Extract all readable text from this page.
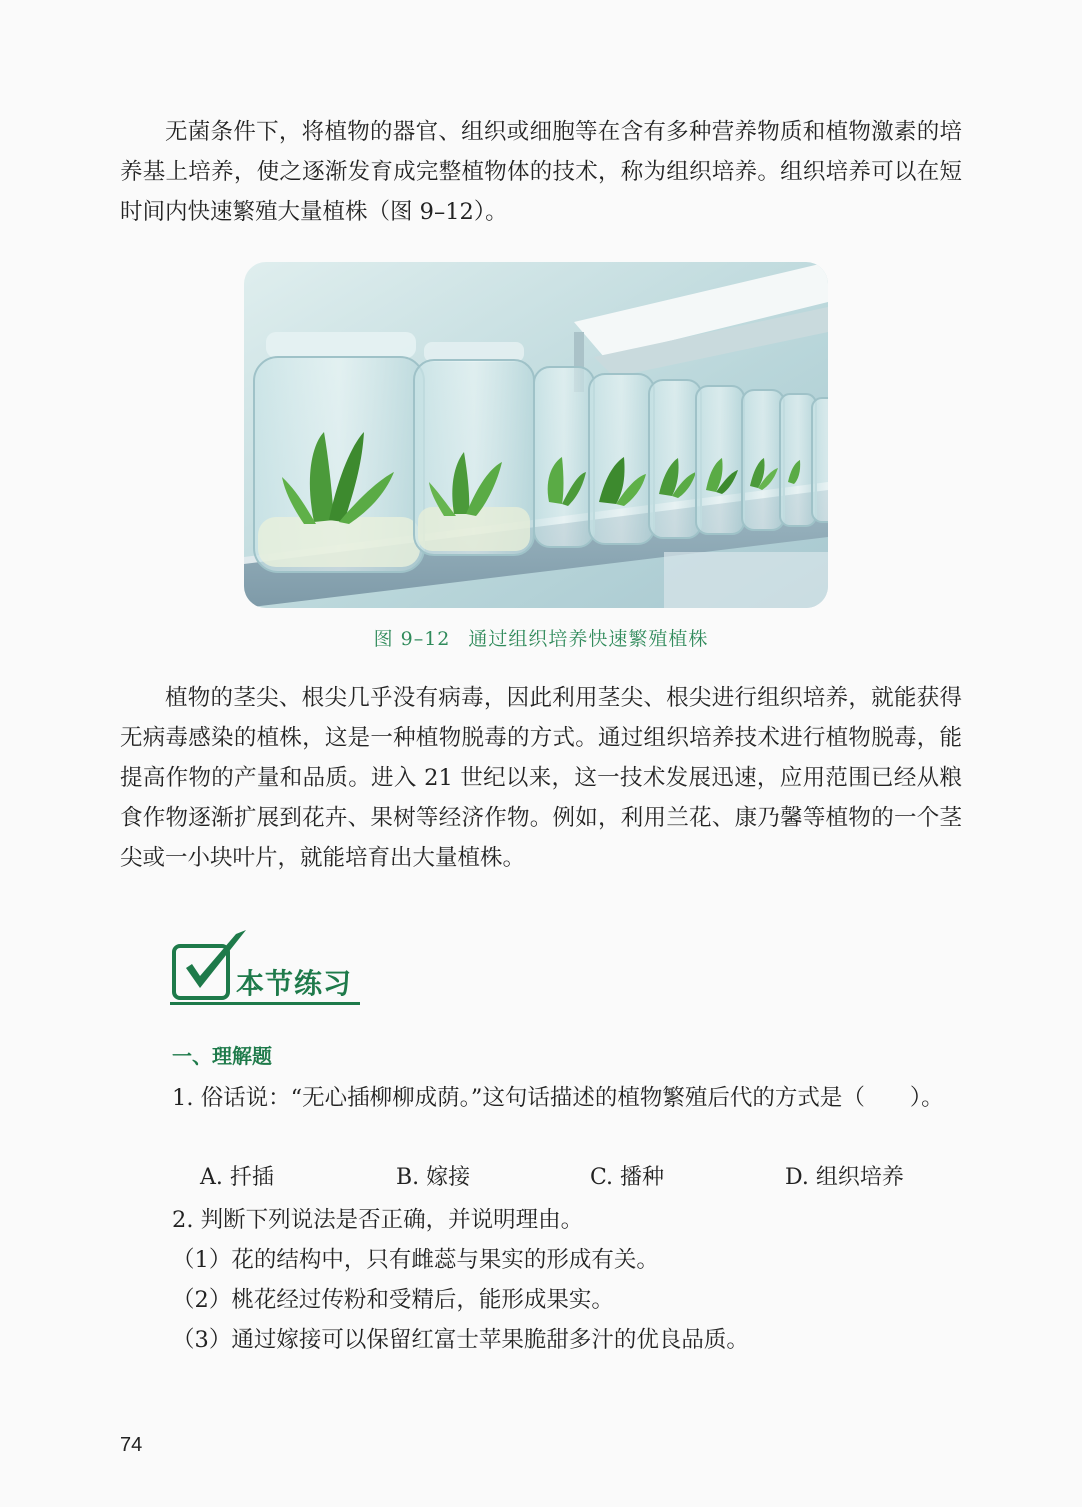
无菌条件下，将植物的器官、组织或细胞等在含有多种营养物质和植物激素的培养基上培养，使之逐渐发育成完整植物体的技术，称为组织培养。组织培养可以在短时间内快速繁殖大量植株（图 9–12）。

图 9–12 通过组织培养快速繁殖植株

植物的茎尖、根尖几乎没有病毒，因此利用茎尖、根尖进行组织培养，就能获得无病毒感染的植株，这是一种植物脱毒的方式。通过组织培养技术进行植物脱毒，能提高作物的产量和品质。进入 21 世纪以来，这一技术发展迅速，应用范围已经从粮食作物逐渐扩展到花卉、果树等经济作物。例如，利用兰花、康乃馨等植物的一个茎尖或一小块叶片，就能培育出大量植株。

本节练习
一、理解题

1. 俗话说：“无心插柳柳成荫。”这句话描述的植物繁殖后代的方式是（　　）。

A. 扦插	B. 嫁接	C. 播种	D. 组织培养

2. 判断下列说法是否正确，并说明理由。

（1）花的结构中，只有雌蕊与果实的形成有关。
（2）桃花经过传粉和受精后，能形成果实。
（3）通过嫁接可以保留红富士苹果脆甜多汁的优良品质。
74
